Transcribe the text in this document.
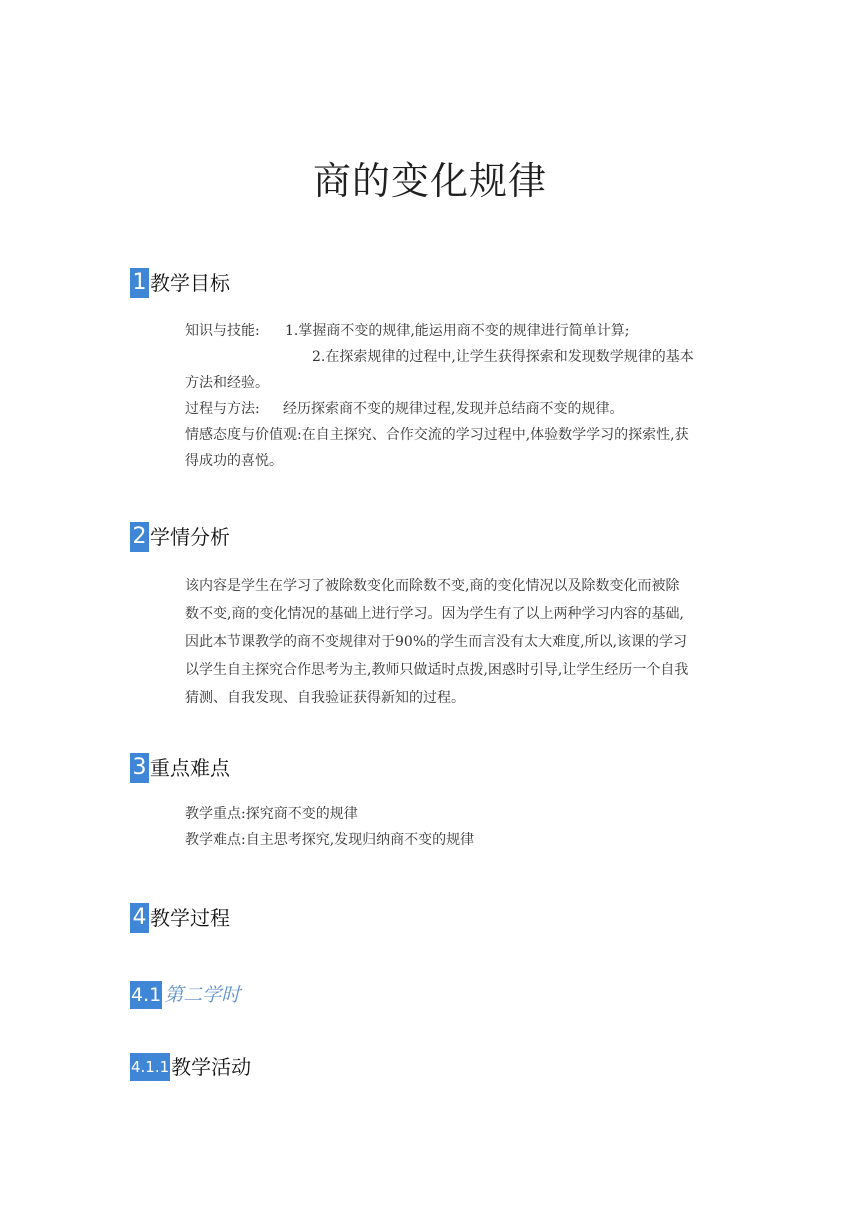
商的变化规律
1 教学目标
知识与技能: 1.掌握商不变的规律,能运用商不变的规律进行简单计算;
2.在探索规律的过程中,让学生获得探索和发现数学规律的基本
方法和经验。
过程与方法: 经历探索商不变的规律过程,发现并总结商不变的规律。
情感态度与价值观:在自主探究、合作交流的学习过程中,体验数学学习的探索性,获
得成功的喜悦。
2 学情分析
该内容是学生在学习了被除数变化而除数不变,商的变化情况以及除数变化而被除
数不变,商的变化情况的基础上进行学习。因为学生有了以上两种学习内容的基础,
因此本节课教学的商不变规律对于90%的学生而言没有太大难度,所以,该课的学习
以学生自主探究合作思考为主,教师只做适时点拨,困惑时引导,让学生经历一个自我
猜测、自我发现、自我验证获得新知的过程。
3 重点难点
教学重点:探究商不变的规律
教学难点:自主思考探究,发现归纳商不变的规律
4 教学过程
4.1 第二学时
4.1.1 教学活动
